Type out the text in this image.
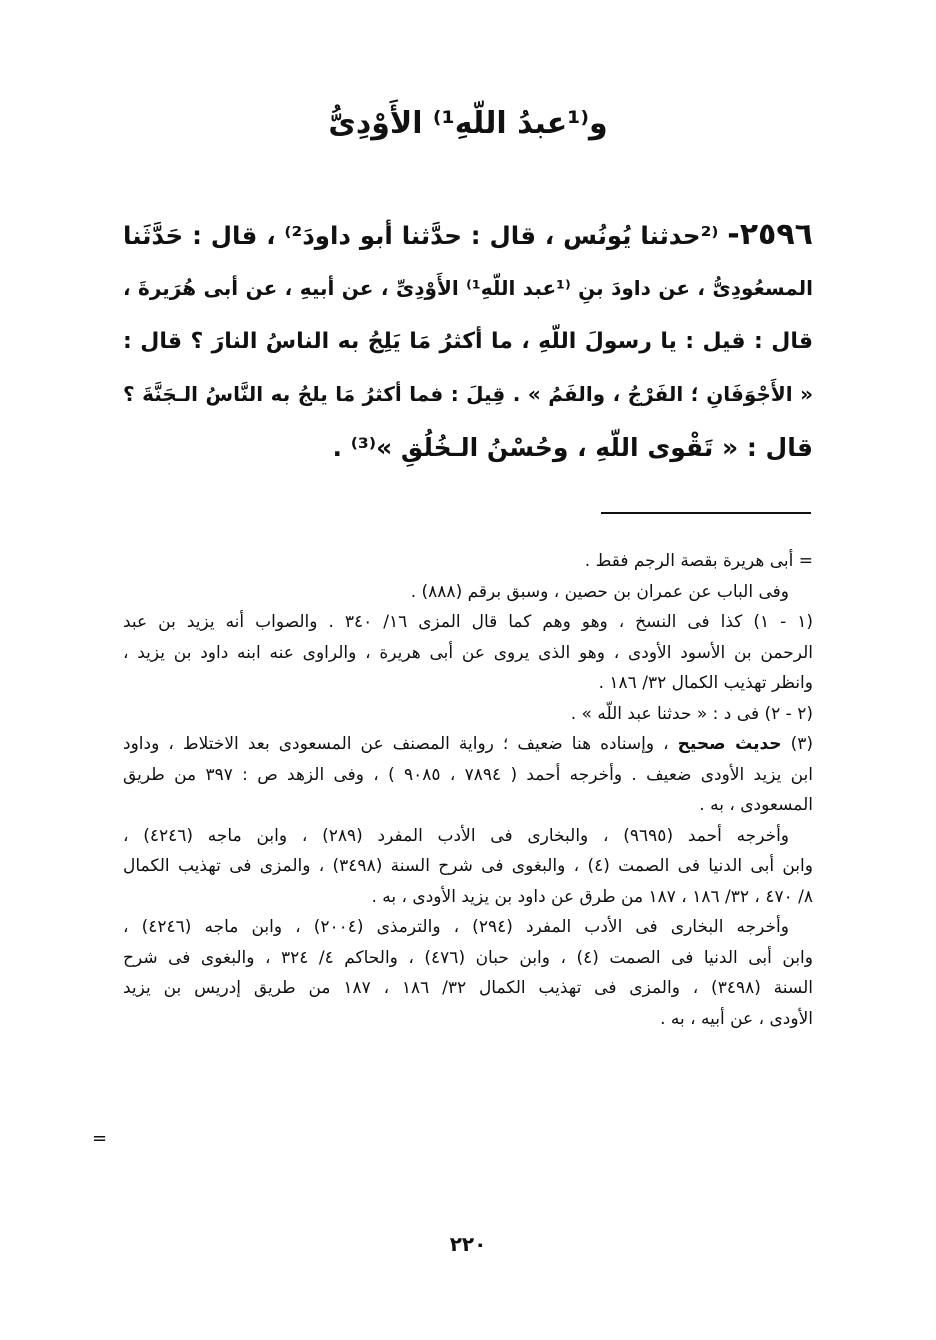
و⁽¹عبدُ اللّهِ¹⁾ الأَوْدِیُّ
٢٥٩٦- ⁽²حدثنا يُونُس ، قال : حدَّثنا أبو داودَ²⁾ ، قال : حَدَّثَنا
المسعُودِیُّ ، عن داودَ بنِ ⁽¹عبد اللّهِ¹⁾ الأَوْدِیِّ ، عن أبيهِ ، عن أبى هُرَيرةَ ،
قال : قيل : يا رسولَ اللّهِ ، ما أكثرُ مَا يَلِجُ به الناسُ النارَ ؟ قال :
« الأَجْوَفَانِ ؛ الفَرْجُ ، والفَمُ » . قِيلَ : فما أكثرُ مَا يلجُ به النَّاسُ الـجَنَّةَ ؟
قال : « تَقْوى اللّهِ ، وحُسْنُ الـخُلُقِ »⁽³⁾ .
= أبى هريرة بقصة الرجم فقط .
وفى الباب عن عمران بن حصين ، وسبق برقم (٨٨٨) .
(١ - ١) كذا فى النسخ ، وهو وهم كما قال المزى ١٦/ ٣٤٠ . والصواب أنه يزيد بن عبد
الرحمن بن الأسود الأودى ، وهو الذى يروى عن أبى هريرة ، والراوى عنه ابنه داود بن يزيد ،
وانظر تهذيب الكمال ٣٢/ ١٨٦ .
(٢ - ٢) فى د : « حدثنا عبد اللّه » .
(٣) حديث صحيح ، وإسناده هنا ضعيف ؛ رواية المصنف عن المسعودى بعد الاختلاط ، وداود
ابن يزيد الأودى ضعيف . وأخرجه أحمد ( ٧٨٩٤ ، ٩٠٨٥ ) ، وفى الزهد ص : ٣٩٧ من طريق
المسعودى ، به .
وأخرجه أحمد (٩٦٩٥) ، والبخارى فى الأدب المفرد (٢٨٩) ، وابن ماجه (٤٢٤٦) ،
وابن أبى الدنيا فى الصمت (٤) ، والبغوى فى شرح السنة (٣٤٩٨) ، والمزى فى تهذيب الكمال
٨/ ٤٧٠ ، ٣٢/ ١٨٦ ، ١٨٧ من طرق عن داود بن يزيد الأودى ، به .
وأخرجه البخارى فى الأدب المفرد (٢٩٤) ، والترمذى (٢٠٠٤) ، وابن ماجه (٤٢٤٦) ،
وابن أبى الدنيا فى الصمت (٤) ، وابن حبان (٤٧٦) ، والحاكم ٤/ ٣٢٤ ، والبغوى فى شرح
السنة (٣٤٩٨) ، والمزى فى تهذيب الكمال ٣٢/ ١٨٦ ، ١٨٧ من طريق إدريس بن يزيد
الأودى ، عن أبيه ، به .
=
٢٢٠
